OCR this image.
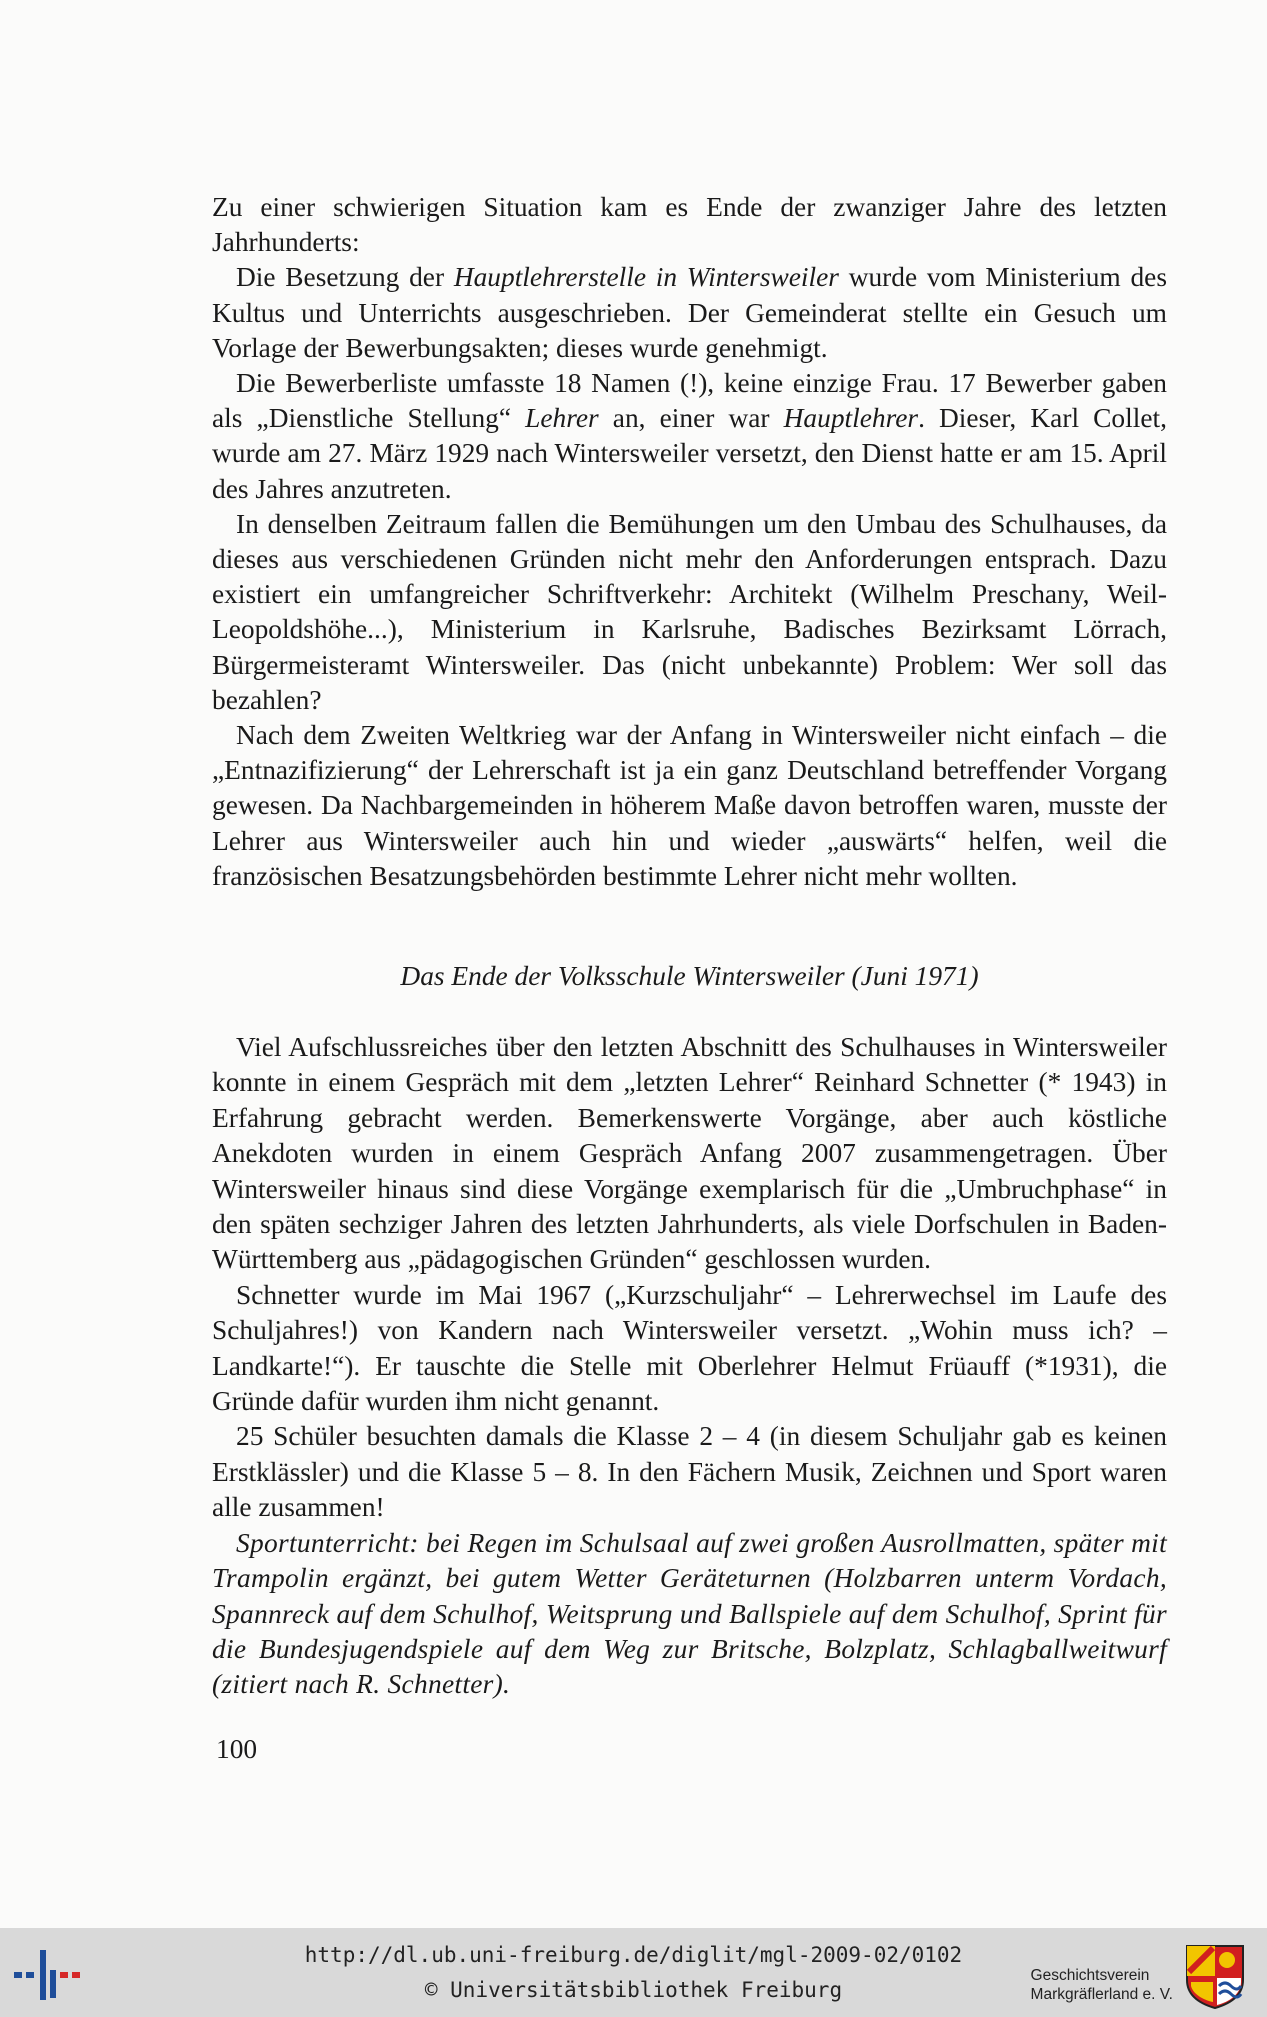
Zu einer schwierigen Situation kam es Ende der zwanziger Jahre des letzten Jahrhunderts:

Die Besetzung der Hauptlehrerstelle in Wintersweiler wurde vom Ministerium des Kultus und Unterrichts ausgeschrieben. Der Gemeinderat stellte ein Gesuch um Vorlage der Bewerbungsakten; dieses wurde genehmigt.

Die Bewerberliste umfasste 18 Namen (!), keine einzige Frau. 17 Bewerber gaben als „Dienstliche Stellung“ Lehrer an, einer war Hauptlehrer. Dieser, Karl Collet, wurde am 27. März 1929 nach Wintersweiler versetzt, den Dienst hatte er am 15. April des Jahres anzutreten.

In denselben Zeitraum fallen die Bemühungen um den Umbau des Schulhauses, da dieses aus verschiedenen Gründen nicht mehr den Anforderungen entsprach. Dazu existiert ein umfangreicher Schriftverkehr: Architekt (Wilhelm Preschany, Weil-Leopoldshöhe...), Ministerium in Karlsruhe, Badisches Bezirksamt Lörrach, Bürgermeisteramt Wintersweiler. Das (nicht unbekannte) Problem: Wer soll das bezahlen?

Nach dem Zweiten Weltkrieg war der Anfang in Wintersweiler nicht einfach – die „Entnazifizierung“ der Lehrerschaft ist ja ein ganz Deutschland betreffender Vorgang gewesen. Da Nachbargemeinden in höherem Maße davon betroffen waren, musste der Lehrer aus Wintersweiler auch hin und wieder „auswärts“ helfen, weil die französischen Besatzungsbehörden bestimmte Lehrer nicht mehr wollten.

Das Ende der Volksschule Wintersweiler (Juni 1971)

Viel Aufschlussreiches über den letzten Abschnitt des Schulhauses in Wintersweiler konnte in einem Gespräch mit dem „letzten Lehrer“ Reinhard Schnetter (* 1943) in Erfahrung gebracht werden. Bemerkenswerte Vorgänge, aber auch köstliche Anekdoten wurden in einem Gespräch Anfang 2007 zusammengetragen. Über Wintersweiler hinaus sind diese Vorgänge exemplarisch für die „Umbruchphase“ in den späten sechziger Jahren des letzten Jahrhunderts, als viele Dorfschulen in Baden-Württemberg aus „pädagogischen Gründen“ geschlossen wurden.

Schnetter wurde im Mai 1967 („Kurzschuljahr“ – Lehrerwechsel im Laufe des Schuljahres!) von Kandern nach Wintersweiler versetzt. „Wohin muss ich? – Landkarte!“). Er tauschte die Stelle mit Oberlehrer Helmut Früauff (*1931), die Gründe dafür wurden ihm nicht genannt.

25 Schüler besuchten damals die Klasse 2 – 4 (in diesem Schuljahr gab es keinen Erstklässler) und die Klasse 5 – 8. In den Fächern Musik, Zeichnen und Sport waren alle zusammen!

Sportunterricht: bei Regen im Schulsaal auf zwei großen Ausrollmatten, später mit Trampolin ergänzt, bei gutem Wetter Geräteturnen (Holzbarren unterm Vordach, Spannreck auf dem Schulhof, Weitsprung und Ballspiele auf dem Schulhof, Sprint für die Bundesjugendspiele auf dem Weg zur Britsche, Bolzplatz, Schlagballweitwurf (zitiert nach R. Schnetter).

100
http://dl.ub.uni-freiburg.de/diglit/mgl-2009-02/0102
© Universitätsbibliothek Freiburg
Geschichtsverein
Markgräflerland e. V.
